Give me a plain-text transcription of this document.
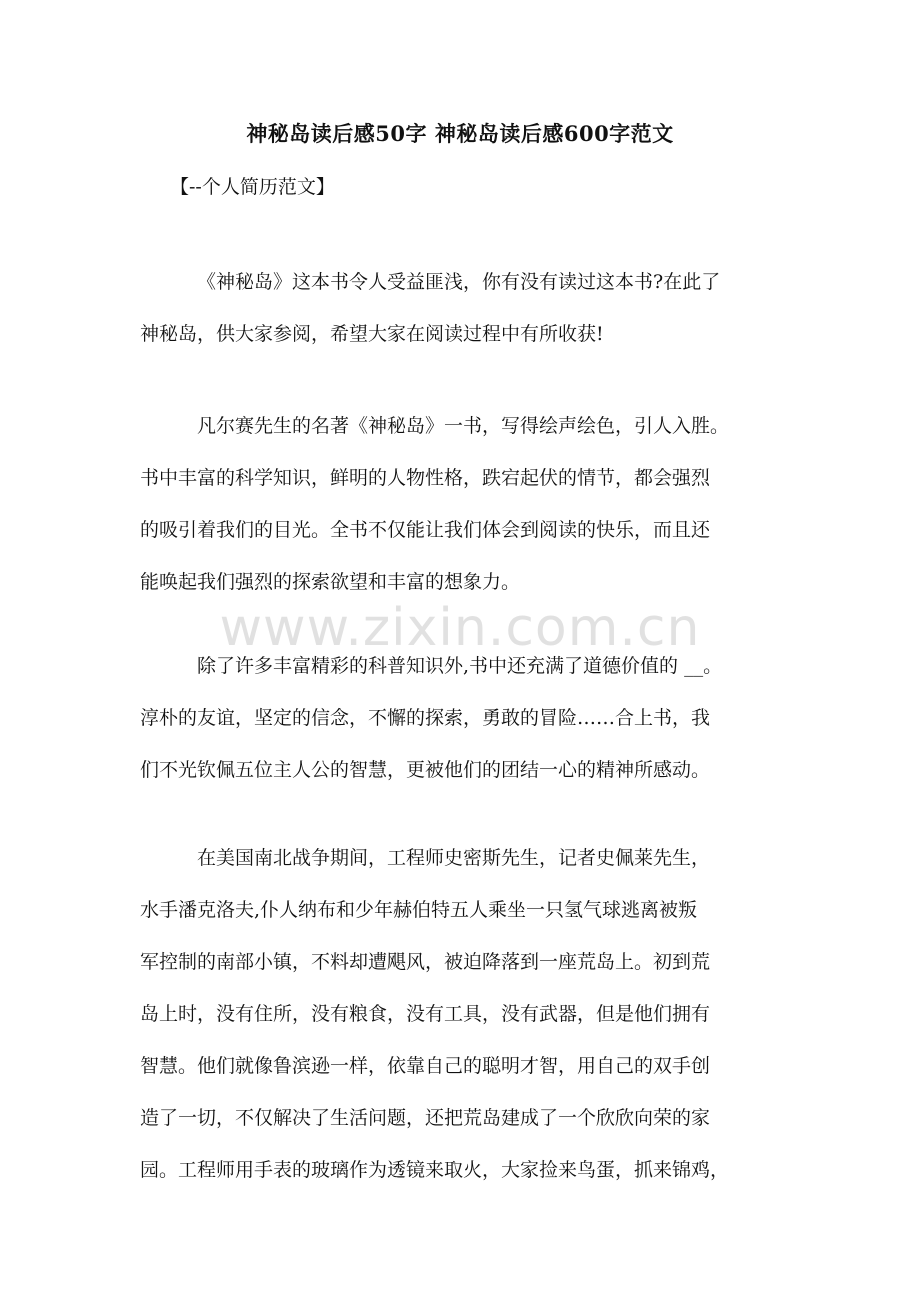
神秘岛读后感50字 神秘岛读后感600字范文
【--个人简历范文】
《神秘岛》这本书令人受益匪浅，你有没有读过这本书?在此了
神秘岛，供大家参阅，希望大家在阅读过程中有所收获!
凡尔赛先生的名著《神秘岛》一书，写得绘声绘色，引人入胜。
书中丰富的科学知识，鲜明的人物性格，跌宕起伏的情节，都会强烈
的吸引着我们的目光。全书不仅能让我们体会到阅读的快乐，而且还
能唤起我们强烈的探索欲望和丰富的想象力。
www.zixin.com.cn
除了许多丰富精彩的科普知识外,书中还充满了道德价值的 __。
淳朴的友谊，坚定的信念，不懈的探索，勇敢的冒险……合上书，我
们不光钦佩五位主人公的智慧，更被他们的团结一心的精神所感动。
在美国南北战争期间，工程师史密斯先生，记者史佩莱先生，
水手潘克洛夫,仆人纳布和少年赫伯特五人乘坐一只氢气球逃离被叛
军控制的南部小镇，不料却遭飓风，被迫降落到一座荒岛上。初到荒
岛上时，没有住所，没有粮食，没有工具，没有武器，但是他们拥有
智慧。他们就像鲁滨逊一样，依靠自己的聪明才智，用自己的双手创
造了一切，不仅解决了生活问题，还把荒岛建成了一个欣欣向荣的家
园。工程师用手表的玻璃作为透镜来取火，大家捡来鸟蛋，抓来锦鸡，
